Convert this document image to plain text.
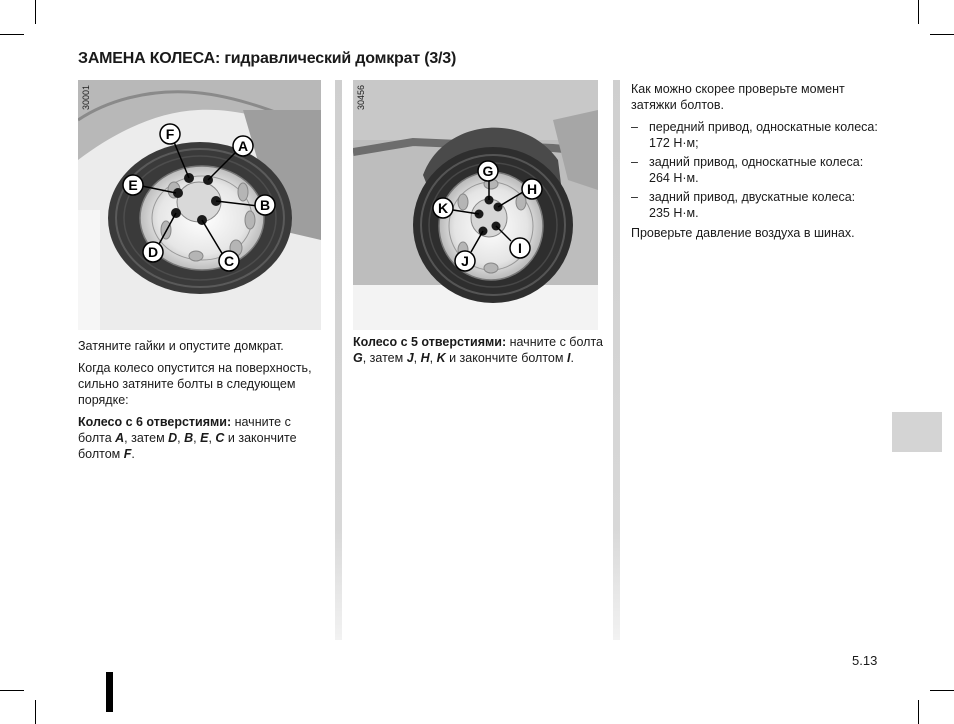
ЗАМЕНА КОЛЕСА: гидравлический домкрат (3/3)
F
A
E
B
D
C
30001
G
H
K
I
J
30456

Затяните гайки и опустите домкрат.

Когда колесо опустится на поверхность, сильно затяните болты в следующем порядке:

Колесо с 6 отверстиями: начните с болта A, затем D, B, E, C и закончите болтом F.

Колесо с 5 отверстиями: начните с болта
G, затем J, H, K и закончите болтом I.

Как можно скорее проверьте момент затяжки болтов.

– передний привод, односкатные колеса: 172 Н·м;
– задний привод, односкатные колеса: 264 Н·м.
– задний привод, двускатные колеса: 235 Н·м.

Проверьте давление воздуха в шинах.

5.13
